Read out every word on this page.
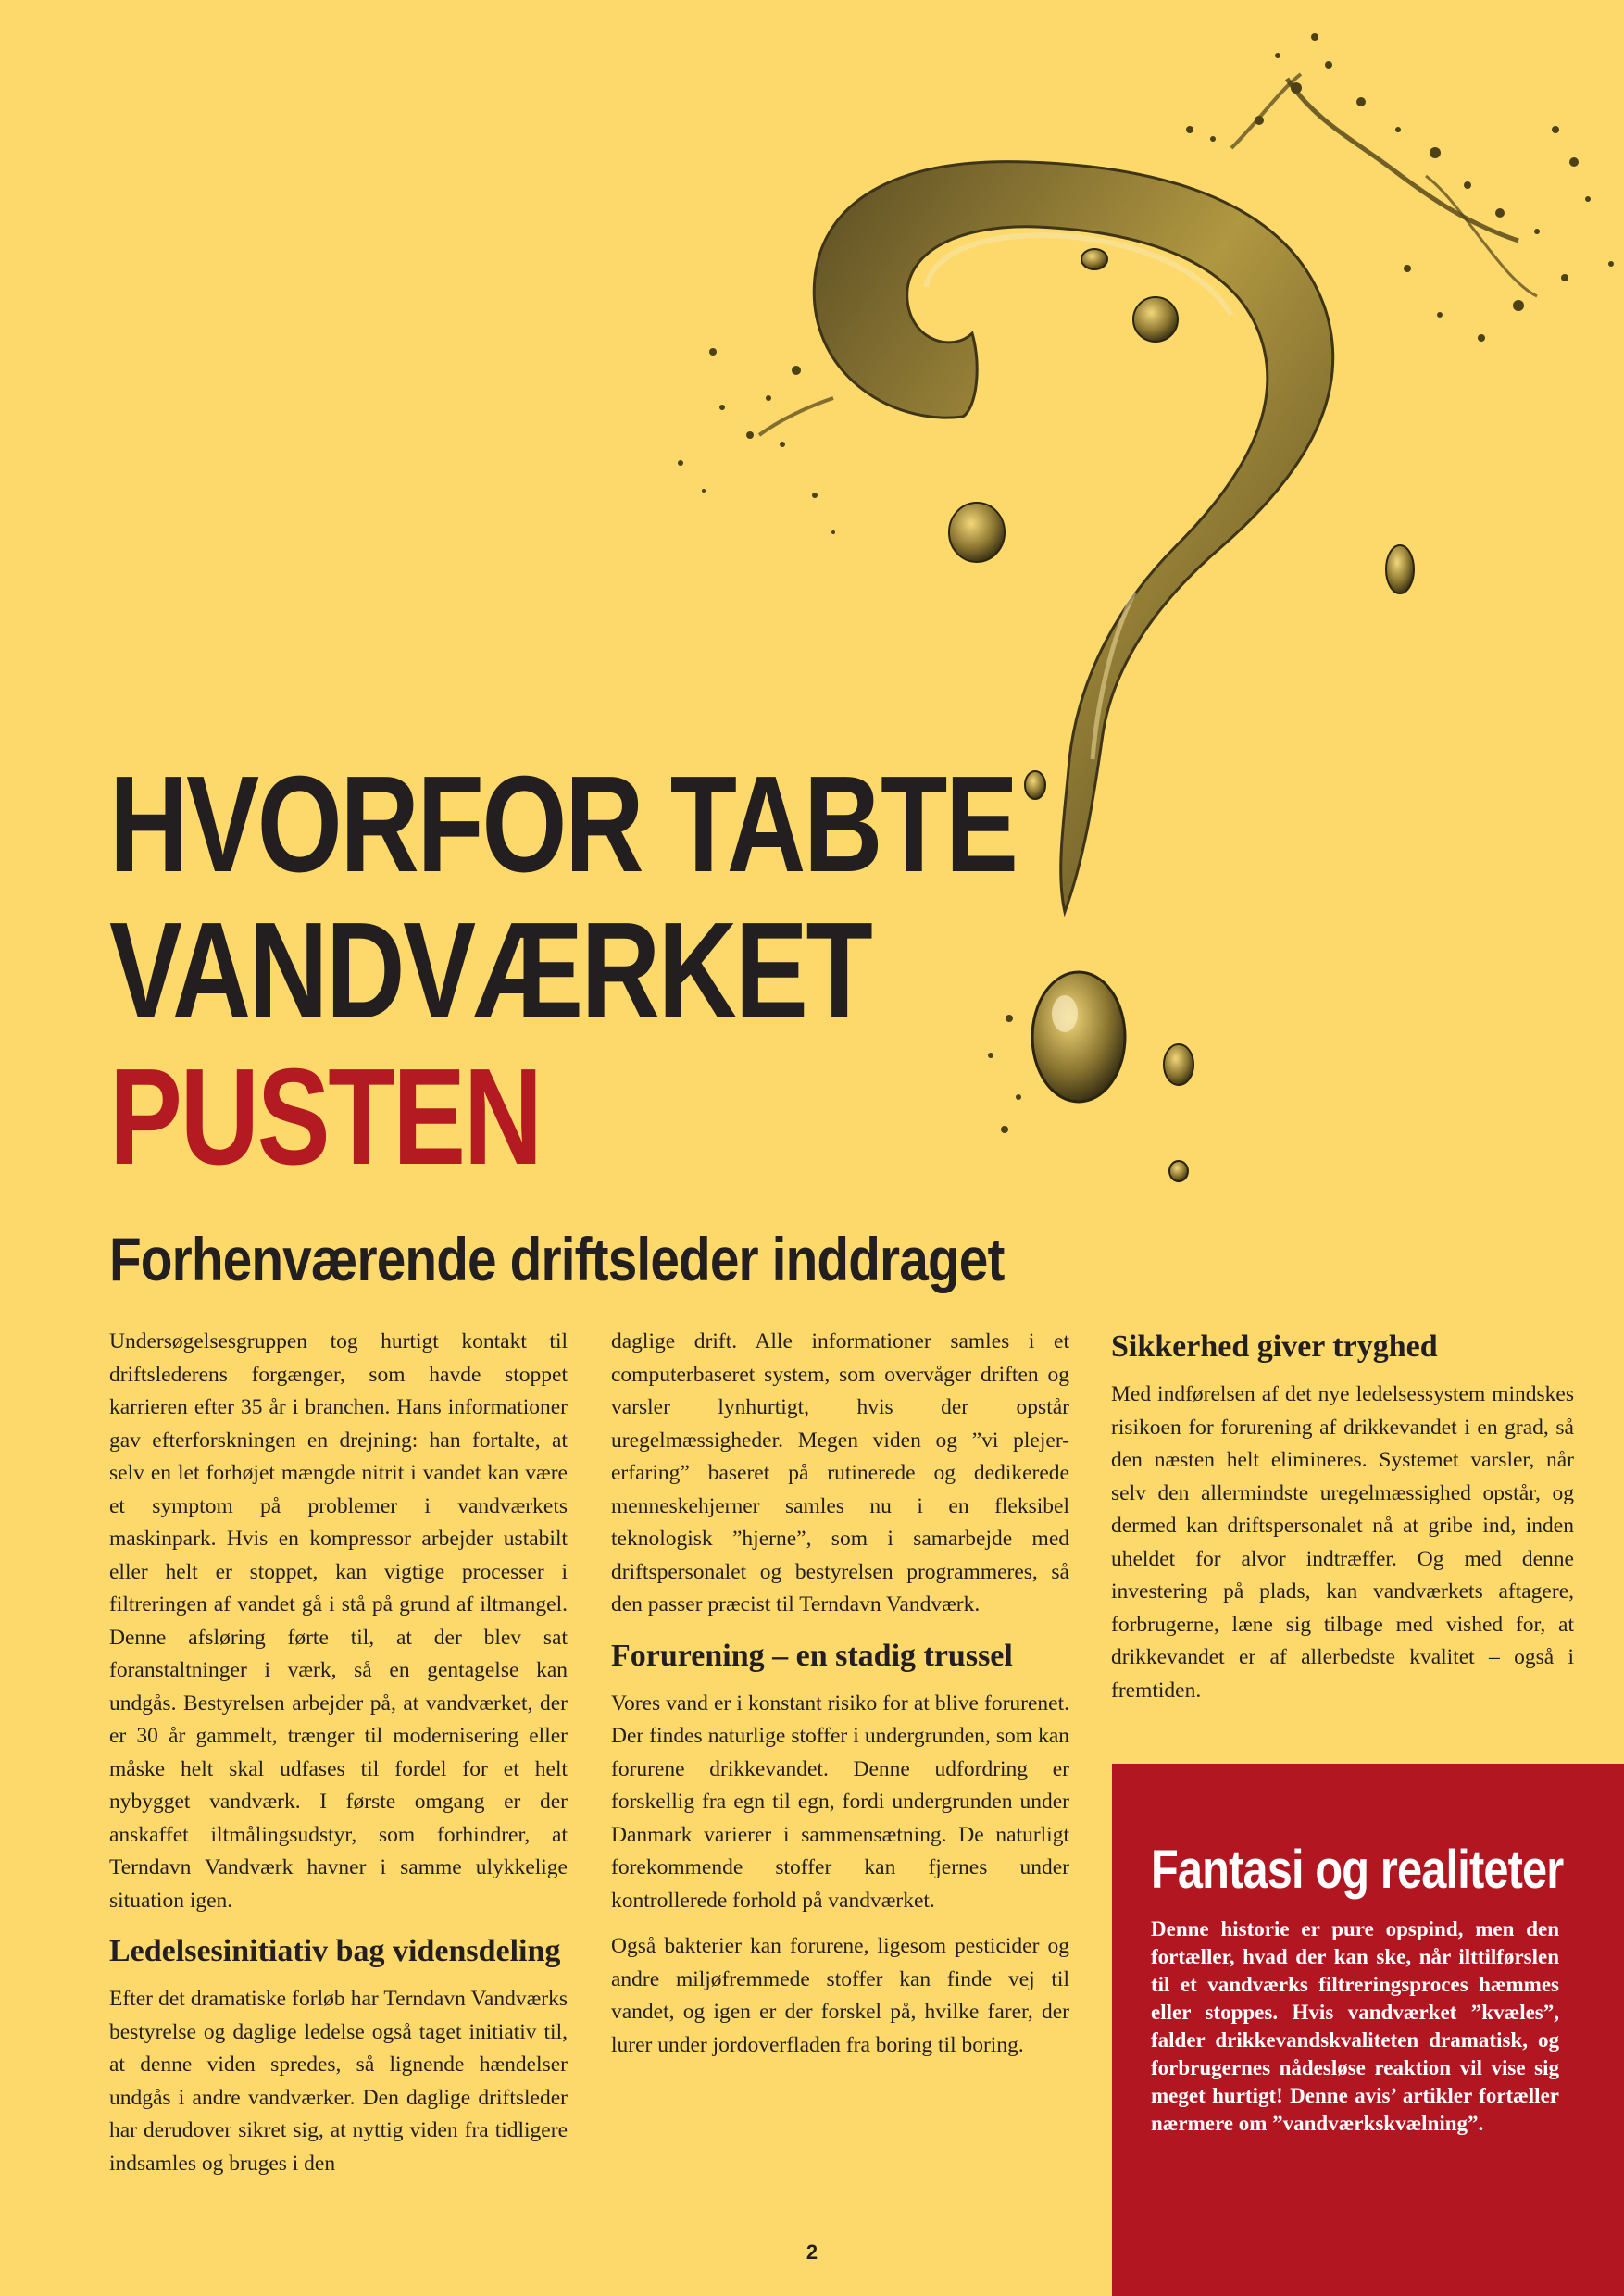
HVORFOR TABTE
VANDVÆRKET
PUSTEN
Forhenværende driftsleder inddraget

Undersøgelsesgruppen tog hurtigt kontakt til driftslederens forgænger, som havde stoppet karrieren efter 35 år i branchen. Hans informationer gav efterforskningen en drejning: han fortalte, at selv en let forhøjet mængde nitrit i vandet kan være et symptom på problemer i vandværkets maskinpark. Hvis en kompressor arbejder ustabilt eller helt er stoppet, kan vigtige processer i filtreringen af vandet gå i stå på grund af iltmangel. Denne afsløring førte til, at der blev sat foranstaltninger i værk, så en gentagelse kan undgås. Bestyrelsen arbejder på, at vandværket, der er 30 år gammelt, trænger til modernisering eller måske helt skal udfases til fordel for et helt nybygget vandværk. I første omgang er der anskaffet iltmålingsudstyr, som forhindrer, at Terndavn Vandværk havner i samme ulykkelige situation igen.

Ledelsesinitiativ bag vidensdeling

Efter det dramatiske forløb har Terndavn Vandværks bestyrelse og daglige ledelse også taget initiativ til, at denne viden spredes, så lignende hændelser undgås i andre vandværker. Den daglige driftsleder har derudover sikret sig, at nyttig viden fra tidligere indsamles og bruges i den

daglige drift. Alle informationer samles i et computerbaseret system, som overvåger driften og varsler lynhurtigt, hvis der opstår uregelmæssigheder. Megen viden og ”vi plejer-erfaring” baseret på rutinerede og dedikerede menneskehjerner samles nu i en fleksibel teknologisk ”hjerne”, som i samarbejde med driftspersonalet og bestyrelsen programmeres, så den passer præcist til Terndavn Vandværk.

Forurening – en stadig trussel

Vores vand er i konstant risiko for at blive forurenet. Der findes naturlige stoffer i undergrunden, som kan forurene drikkevandet. Denne udfordring er forskellig fra egn til egn, fordi undergrunden under Danmark varierer i sammensætning. De naturligt forekommende stoffer kan fjernes under kontrollerede forhold på vandværket.

Også bakterier kan forurene, ligesom pesticider og andre miljøfremmede stoffer kan finde vej til vandet, og igen er der forskel på, hvilke farer, der lurer under jordoverfladen fra boring til boring.

Sikkerhed giver tryghed

Med indførelsen af det nye ledelsessystem mindskes risikoen for forurening af drikkevandet i en grad, så den næsten helt elimineres. Systemet varsler, når selv den allermindste uregelmæssighed opstår, og dermed kan driftspersonalet nå at gribe ind, inden uheldet for alvor indtræffer. Og med denne investering på plads, kan vandværkets aftagere, forbrugerne, læne sig tilbage med vished for, at drikkevandet er af allerbedste kvalitet – også i fremtiden.

Fantasi og realiteter

Denne historie er pure opspind, men den fortæller, hvad der kan ske, når ilttilførslen til et vandværks filtreringsproces hæmmes eller stoppes. Hvis vandværket ”kvæles”, falder drikkevandskvaliteten dramatisk, og forbrugernes nådesløse reaktion vil vise sig meget hurtigt! Denne avis’ artikler fortæller nærmere om ”vandværkskvælning”.

2
